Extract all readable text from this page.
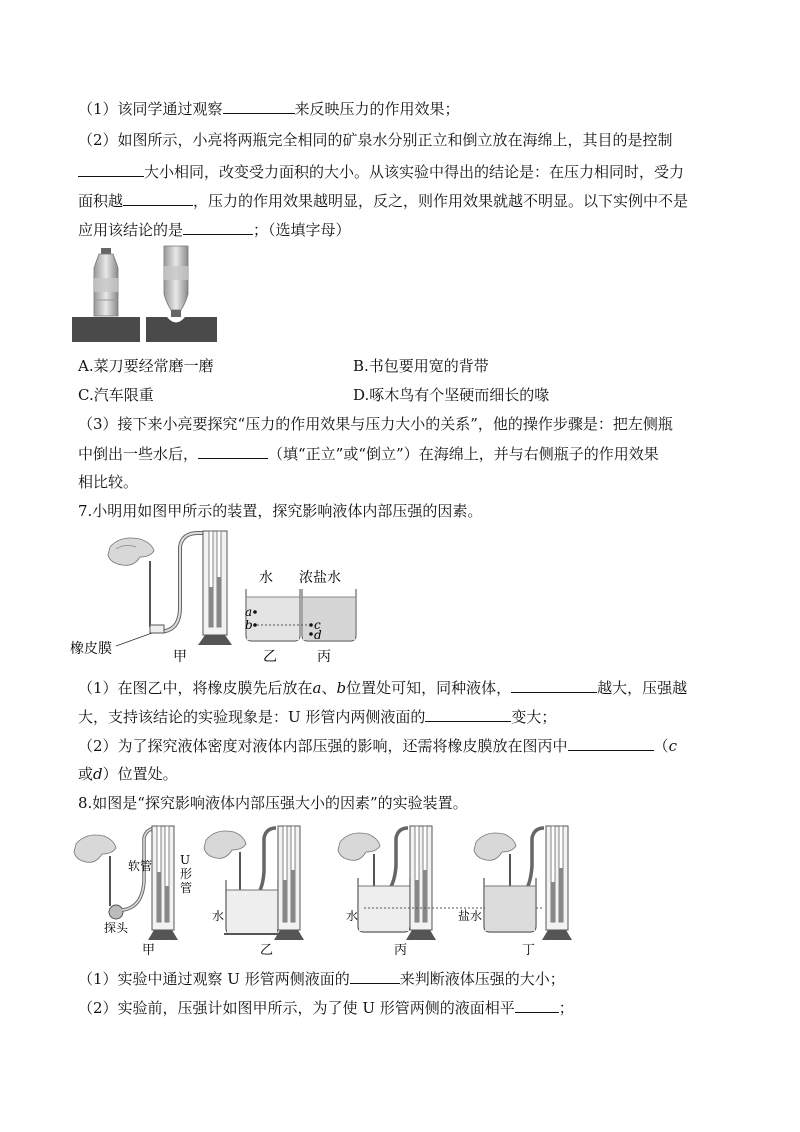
（1）该同学通过观察	来反映压力的作用效果；
（2）如图所示，小亮将两瓶完全相同的矿泉水分别正立和倒立放在海绵上，其目的是控制
大小相同，改变受力面积的大小。从该实验中得出的结论是：在压力相同时，受力
面积越	，压力的作用效果越明显，反之，则作用效果就越不明显。以下实例中不是
应用该结论的是	；（选填字母）
A.菜刀要经常磨一磨	B.书包要用宽的背带
C.汽车限重	D.啄木鸟有个坚硬而细长的喙
（3）接下来小亮要探究“压力的作用效果与压力大小的关系”，他的操作步骤是：把左侧瓶
中倒出一些水后，	（填“正立”或“倒立”）在海绵上，并与右侧瓶子的作用效果
相比较。
7.小明用如图甲所示的装置，探究影响液体内部压强的因素。
a
b	c
d
水 浓盐水
橡皮膜	甲	乙	丙
（1）在图乙中，将橡皮膜先后放在a、b位置处可知，同种液体，	越大，压强越
大，支持该结论的实验现象是：U 形管内两侧液面的	变大；
（2）为了探究液体密度对液体内部压强的影响，还需将橡皮膜放在图丙中	（c
或d）位置处。
8.如图是“探究影响液体内部压强大小的因素”的实验装置。
软管 U
形
管
探头
水	水	盐水
甲	乙	丙	丁
（1）实验中通过观察 U 形管两侧液面的	来判断液体压强的大小；
（2）实验前，压强计如图甲所示，为了使 U 形管两侧的液面相平	；
